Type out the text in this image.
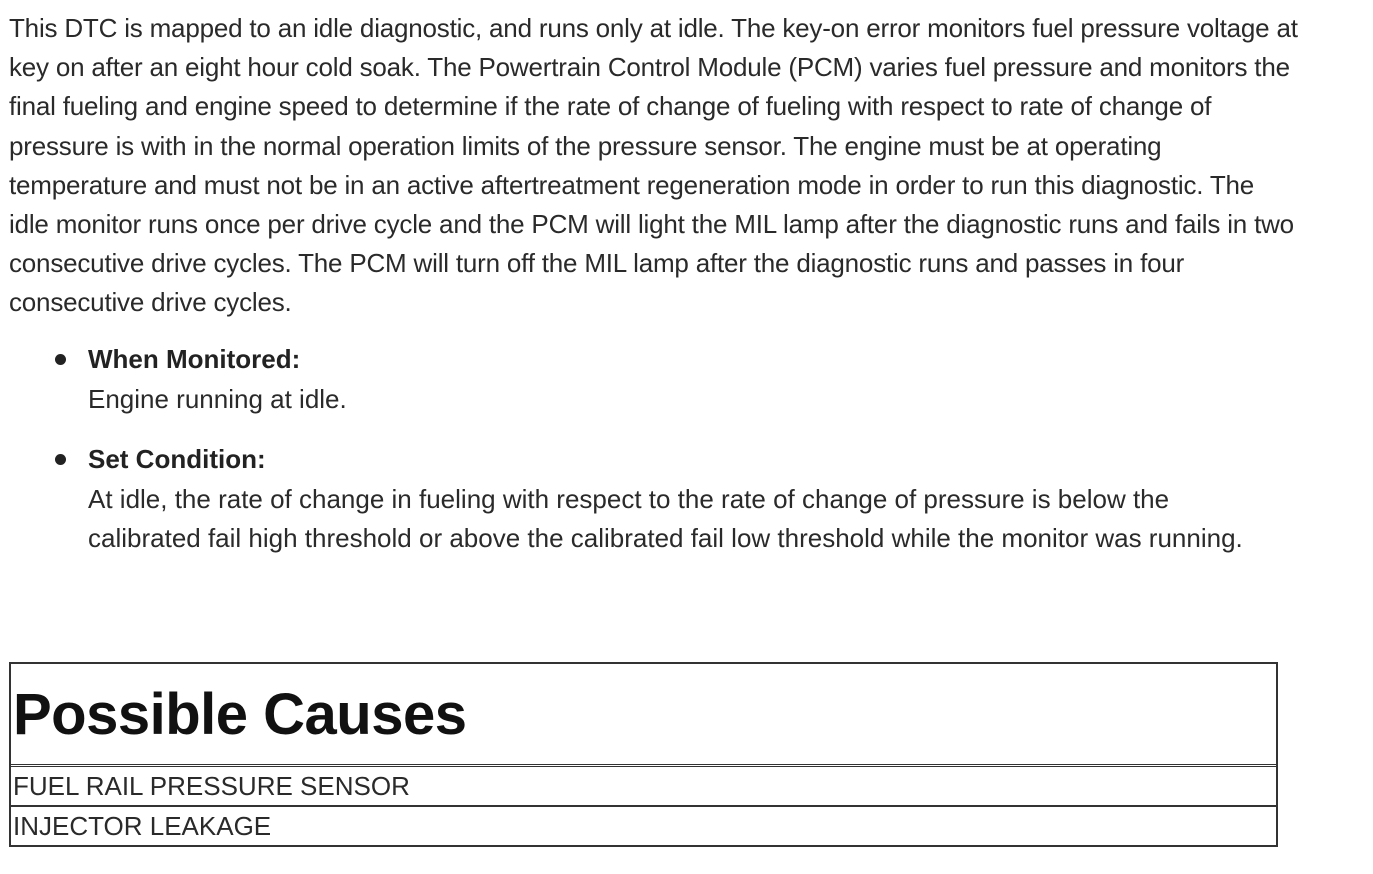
This DTC is mapped to an idle diagnostic, and runs only at idle. The key-on error monitors fuel pressure voltage at key on after an eight hour cold soak. The Powertrain Control Module (PCM) varies fuel pressure and monitors the final fueling and engine speed to determine if the rate of change of fueling with respect to rate of change of pressure is with in the normal operation limits of the pressure sensor. The engine must be at operating temperature and must not be in an active aftertreatment regeneration mode in order to run this diagnostic. The idle monitor runs once per drive cycle and the PCM will light the MIL lamp after the diagnostic runs and fails in two consecutive drive cycles. The PCM will turn off the MIL lamp after the diagnostic runs and passes in four consecutive drive cycles.

When Monitored:
Engine running at idle.
Set Condition:
At idle, the rate of change in fueling with respect to the rate of change of pressure is below the calibrated fail high threshold or above the calibrated fail low threshold while the monitor was running.
Possible Causes
FUEL RAIL PRESSURE SENSOR
INJECTOR LEAKAGE
